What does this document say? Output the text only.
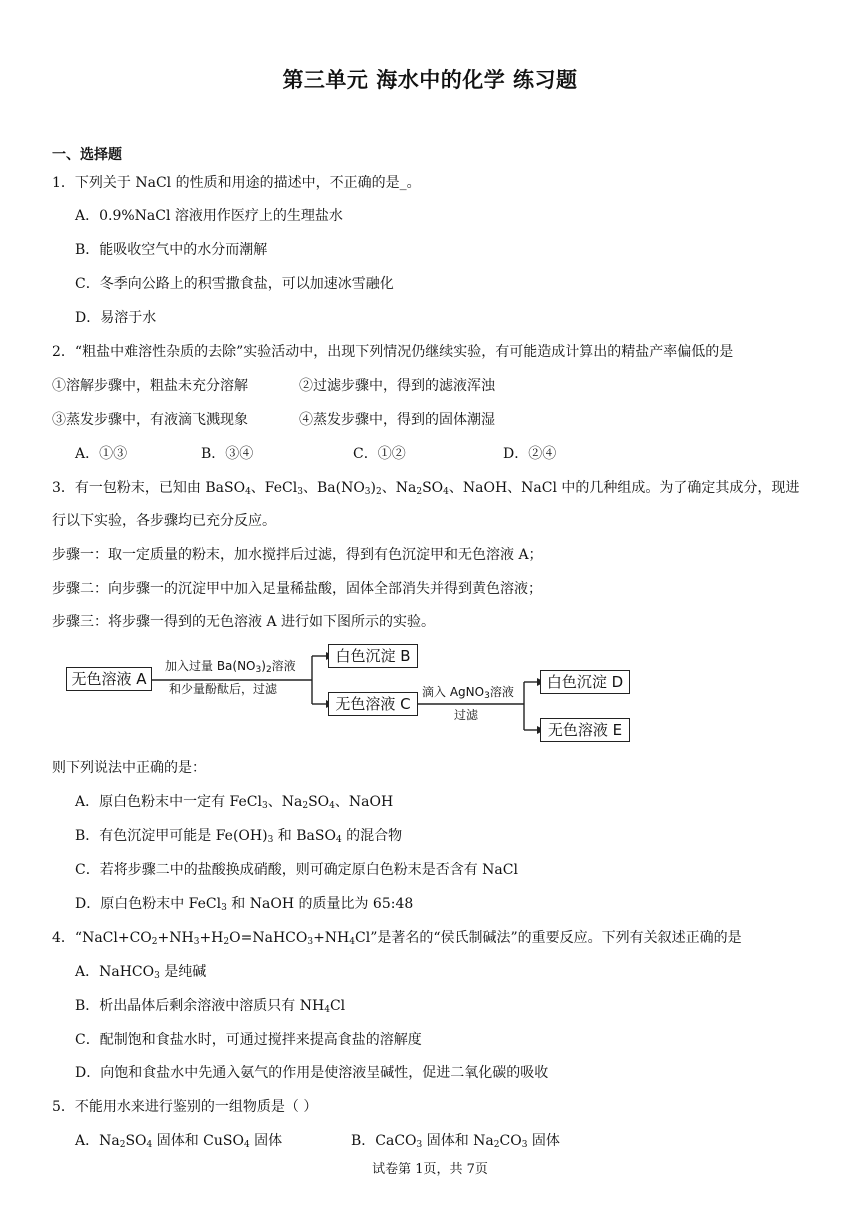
第三单元 海水中的化学 练习题
一、选择题
1．下列关于 NaCl 的性质和用途的描述中，不正确的是_。
A．0.9%NaCl 溶液用作医疗上的生理盐水
B．能吸收空气中的水分而潮解
C．冬季向公路上的积雪撒食盐，可以加速冰雪融化
D．易溶于水
2．“粗盐中难溶性杂质的去除”实验活动中，出现下列情况仍继续实验，有可能造成计算出的精盐产率偏低的是
①溶解步骤中，粗盐未充分溶解	②过滤步骤中，得到的滤液浑浊
③蒸发步骤中，有液滴飞溅现象	④蒸发步骤中，得到的固体潮湿
A．①③	B．③④	C．①②	D．②④
3．有一包粉末，已知由 BaSO$_4$、FeCl$_3$、$Ba(NO_3)_2$、$Na_2SO_4$、NaOH、NaCl 中的几种组成。为了确定其成分，现进
行以下实验，各步骤均已充分反应。
步骤一：取一定质量的粉末，加水搅拌后过滤，得到有色沉淀甲和无色溶液 A；
步骤二：向步骤一的沉淀甲中加入足量稀盐酸，固体全部消失并得到黄色溶液；
步骤三：将步骤一得到的无色溶液 A 进行如下图所示的实验。
无色溶液 A
白色沉淀 B
无色溶液 C
白色沉淀 D
无色溶液 E
加入过量 $Ba(NO_3)_2$溶液
和少量酚酞后，过滤	滴入 AgNO$_3$溶液
过滤
则下列说法中正确的是：
A．原白色粉末中一定有 FeCl$_3$、$Na_2SO_4$、NaOH
B．有色沉淀甲可能是 $Fe(OH)_3$ 和 BaSO$_4$ 的混合物
C．若将步骤二中的盐酸换成硝酸，则可确定原白色粉末是否含有 NaCl
D．原白色粉末中 FeCl$_3$ 和 NaOH 的质量比为 65:48
4．“$NaCl+CO_2+NH_3+H_2O=NaHCO_3+NH_4Cl$”是著名的“侯氏制碱法”的重要反应。下列有关叙述正确的是
A．NaHCO$_3$ 是纯碱
B．析出晶体后剩余溶液中溶质只有 $NH_4Cl$
C．配制饱和食盐水时，可通过搅拌来提高食盐的溶解度
D．向饱和食盐水中先通入氨气的作用是使溶液呈碱性，促进二氧化碳的吸收
5．不能用水来进行鉴别的一组物质是（ ）
A．$Na_2SO_4$ 固体和 CuSO$_4$ 固体	B．CaCO$_3$ 固体和 $Na_2CO_3$ 固体
试卷第 1页，共 7页
